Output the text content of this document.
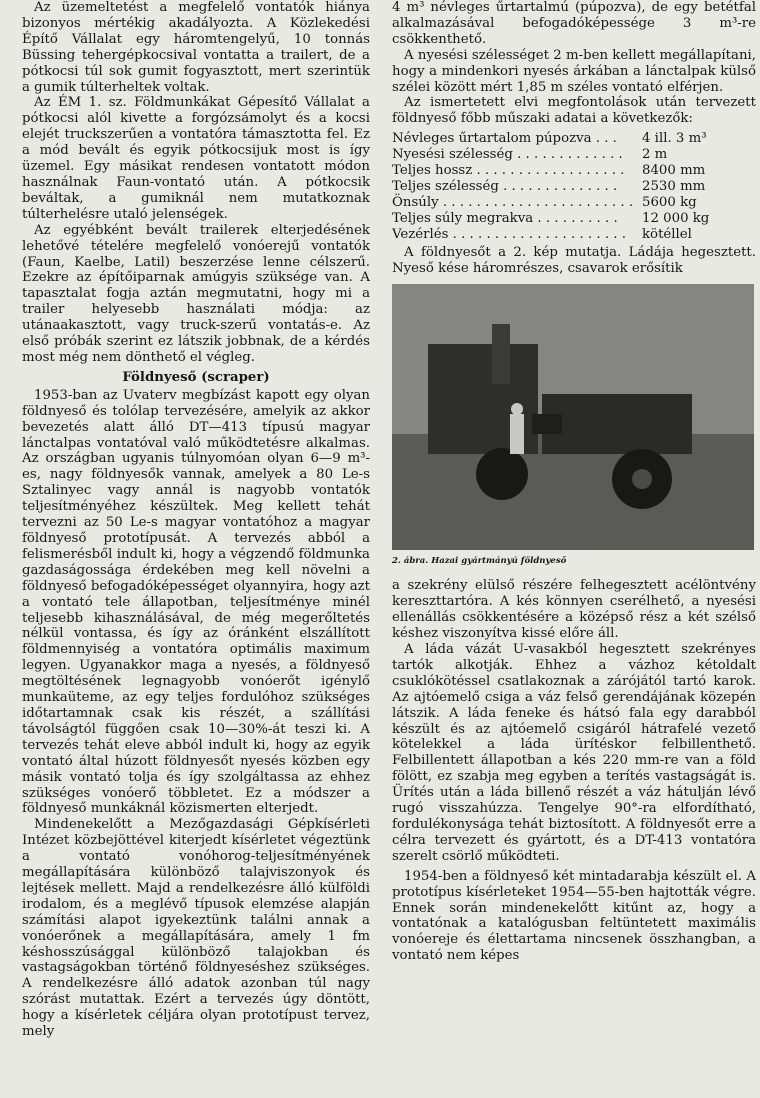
Az üzemeltetést a megfelelő vontatók hiánya bizonyos mértékig akadályozta. A Közlekedési Építő Vállalat egy háromtengelyű, 10 tonnás Büssing tehergépkocsival vontatta a trailert, de a pótkocsi túl sok gumit fogyasztott, mert szerintük a gumik túlterheltek voltak.

Az ÉM 1. sz. Földmunkákat Gépesítő Vállalat a pótkocsi alól kivette a forgózsámolyt és a kocsi elejét truckszerűen a vontatóra támasztotta fel. Ez a mód bevált és egyik pótkocsijuk most is így üzemel. Egy másikat rendesen vontatott módon használnak Faun-vontató után. A pótkocsik beváltak, a gumiknál nem mutatkoznak túlterhelésre utaló jelenségek.

Az egyébként bevált trailerek elterjedésének lehetővé tételére megfelelő vonóerejű vontatók (Faun, Kaelbe, Latil) beszerzése lenne célszerű. Ezekre az építőiparnak amúgyis szüksége van. A tapasztalat fogja aztán megmutatni, hogy mi a trailer helyesebb használati módja: az utánaakasztott, vagy truck-szerű vontatás-e. Az első próbák szerint ez látszik jobbnak, de a kérdés most még nem dönthető el végleg.

Földnyeső (scraper)

1953-ban az Uvaterv megbízást kapott egy olyan földnyeső és tolólap tervezésére, amelyik az akkor bevezetés alatt álló DT—413 típusú magyar lánctalpas vontatóval való működtetésre alkalmas. Az országban ugyanis túlnyomóan olyan 6—9 m³-es, nagy földnyesők vannak, amelyek a 80 Le-s Sztalinyec vagy annál is nagyobb vontatók teljesítményéhez készültek. Meg kellett tehát tervezni az 50 Le-s magyar vontatóhoz a magyar földnyeső prototípusát. A tervezés abból a felismerésből indult ki, hogy a végzendő földmunka gazdaságossága érdekében meg kell növelni a földnyeső befogadóképességet olyannyira, hogy azt a vontató tele állapotban, teljesítménye minél teljesebb kihasználásával, de még megerőltetés nélkül vontassa, és így az óránként elszállított földmennyiség a vontatóra optimális maximum legyen. Ugyanakkor maga a nyesés, a földnyeső megtöltésének legnagyobb vonóerőt igénylő munkaüteme, az egy teljes fordulóhoz szükséges időtartamnak csak kis részét, a szállítási távolságtól függően csak 10—30%-át teszi ki. A tervezés tehát eleve abból indult ki, hogy az egyik vontató által húzott földnyesőt nyesés közben egy másik vontató tolja és így szolgáltassa az ehhez szükséges vonóerő többletet. Ez a módszer a földnyeső munkáknál közismerten elterjedt.

Mindenekelőtt a Mezőgazdasági Gépkísérleti Intézet közbejöttével kiterjedt kísérletet végeztünk a vontató vonóhorog-teljesítményének megállapítására különböző talajviszonyok és lejtések mellett. Majd a rendelkezésre álló külföldi irodalom, és a meglévő típusok elemzése alapján számítási alapot igyekeztünk találni annak a vonóerőnek a megállapítására, amely 1 fm késhosszúsággal különböző talajokban és vastagságokban történő földnyeséshez szükséges. A rendelkezésre álló adatok azonban túl nagy szórást mutattak. Ezért a tervezés úgy döntött, hogy a kísérletek céljára olyan prototípust tervez, mely

4 m³ névleges űrtartalmú (púpozva), de egy betétfal alkalmazásával befogadóképessége 3 m³-re csökkenthető.

A nyesési szélességet 2 m-ben kellett megállapítani, hogy a mindenkori nyesés árkában a lánctalpak külső szélei között mért 1,85 m széles vontató elférjen.

Az ismertetett elvi megfontolások után tervezett földnyeső főbb műszaki adatai a következők:

Névleges űrtartalom púpozva . . .	4 ill. 3 m³
Nyesési szélesség . . . . . . . . . . . . .	2 m
Teljes hossz . . . . . . . . . . . . . . . . . .	8400 mm
Teljes szélesség . . . . . . . . . . . . . .	2530 mm
Önsúly . . . . . . . . . . . . . . . . . . . . . . .	5600 kg
Teljes súly megrakva . . . . . . . . . .	12 000 kg
Vezérlés . . . . . . . . . . . . . . . . . . . . .	kötéllel

A földnyesőt a 2. kép mutatja. Ládája hegesztett. Nyeső kése háromrészes, csavarok erősítik

2. ábra. Hazai gyártmányú földnyeső

a szekrény elülső részére felhegesztett acélöntvény kereszttartóra. A kés könnyen cserélhető, a nyesési ellenállás csökkentésére a középső rész a két szélső késhez viszonyítva kissé előre áll.

A láda vázát U-vasakból hegesztett szekrényes tartók alkotják. Ehhez a vázhoz kétoldalt csuklókötéssel csatlakoznak a zárójától tartó karok. Az ajtóemelő csiga a váz felső gerendájának közepén látszik. A láda feneke és hátsó fala egy darabból készült és az ajtóemelő csigáról hátrafelé vezető kötelekkel a láda ürítéskor felbillenthető. Felbillentett állapotban a kés 220 mm-re van a föld fölött, ez szabja meg egyben a terítés vastagságát is. Ürítés után a láda billenő részét a váz hátulján lévő rugó visszahúzza. Tengelye 90°-ra elfordítható, fordulékonysága tehát biztosított. A földnyesőt erre a célra tervezett és gyártott, és a DT-413 vontatóra szerelt csörlő működteti.

1954-ben a földnyeső két mintadarabja készült el. A prototípus kísérleteket 1954—55-ben hajtották végre. Ennek során mindenekelőtt kitűnt az, hogy a vontatónak a katalógusban feltüntetett maximális vonóereje és élettartama nincsenek összhangban, a vontató nem képes
